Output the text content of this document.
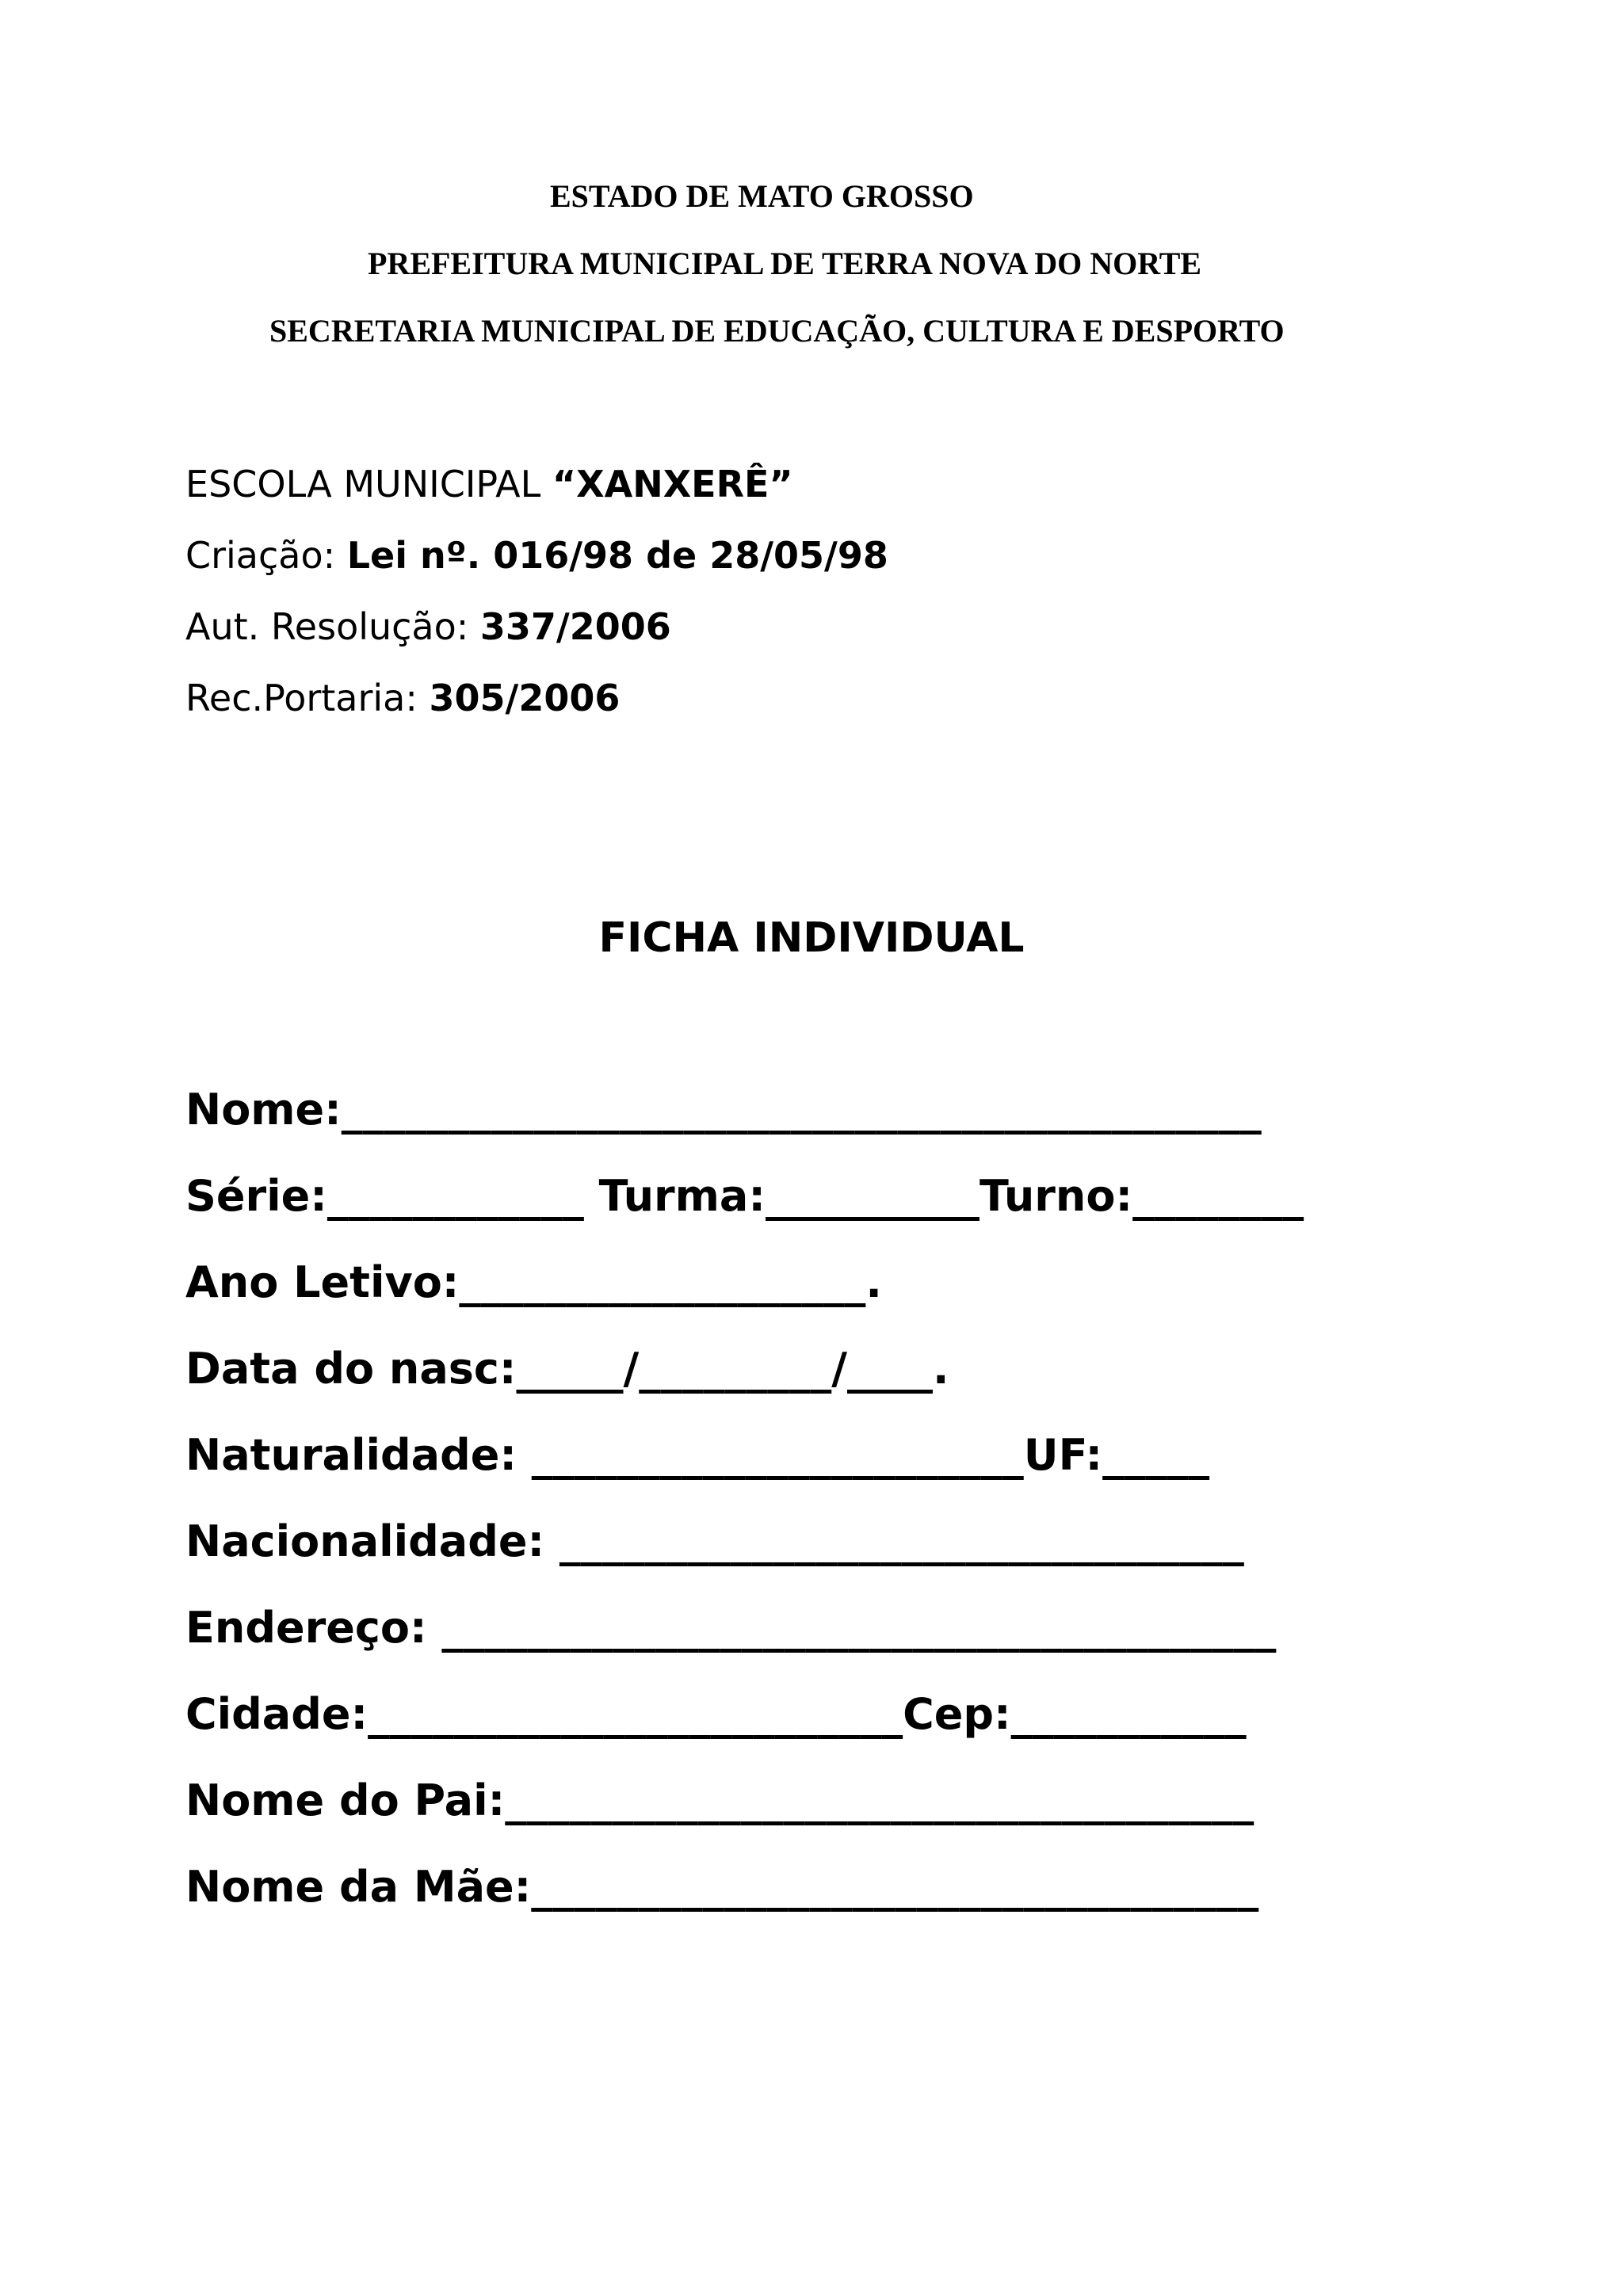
ESTADO DE MATO GROSSO
PREFEITURA MUNICIPAL DE TERRA NOVA DO NORTE
SECRETARIA MUNICIPAL DE EDUCAÇÃO, CULTURA E DESPORTO
ESCOLA MUNICIPAL “XANXERÊ”
Criação: Lei nº. 016/98 de 28/05/98
Aut. Resolução: 337/2006
Rec.Portaria: 305/2006
FICHA INDIVIDUAL
Nome:___________________________________________
Série:____________ Turma:__________Turno:________
Ano Letivo:___________________.
Data do nasc:_____/_________/____.
Naturalidade: _______________________UF:_____
Nacionalidade: ________________________________
Endereço: _______________________________________
Cidade:_________________________Cep:___________
Nome do Pai:___________________________________
Nome da Mãe:__________________________________
